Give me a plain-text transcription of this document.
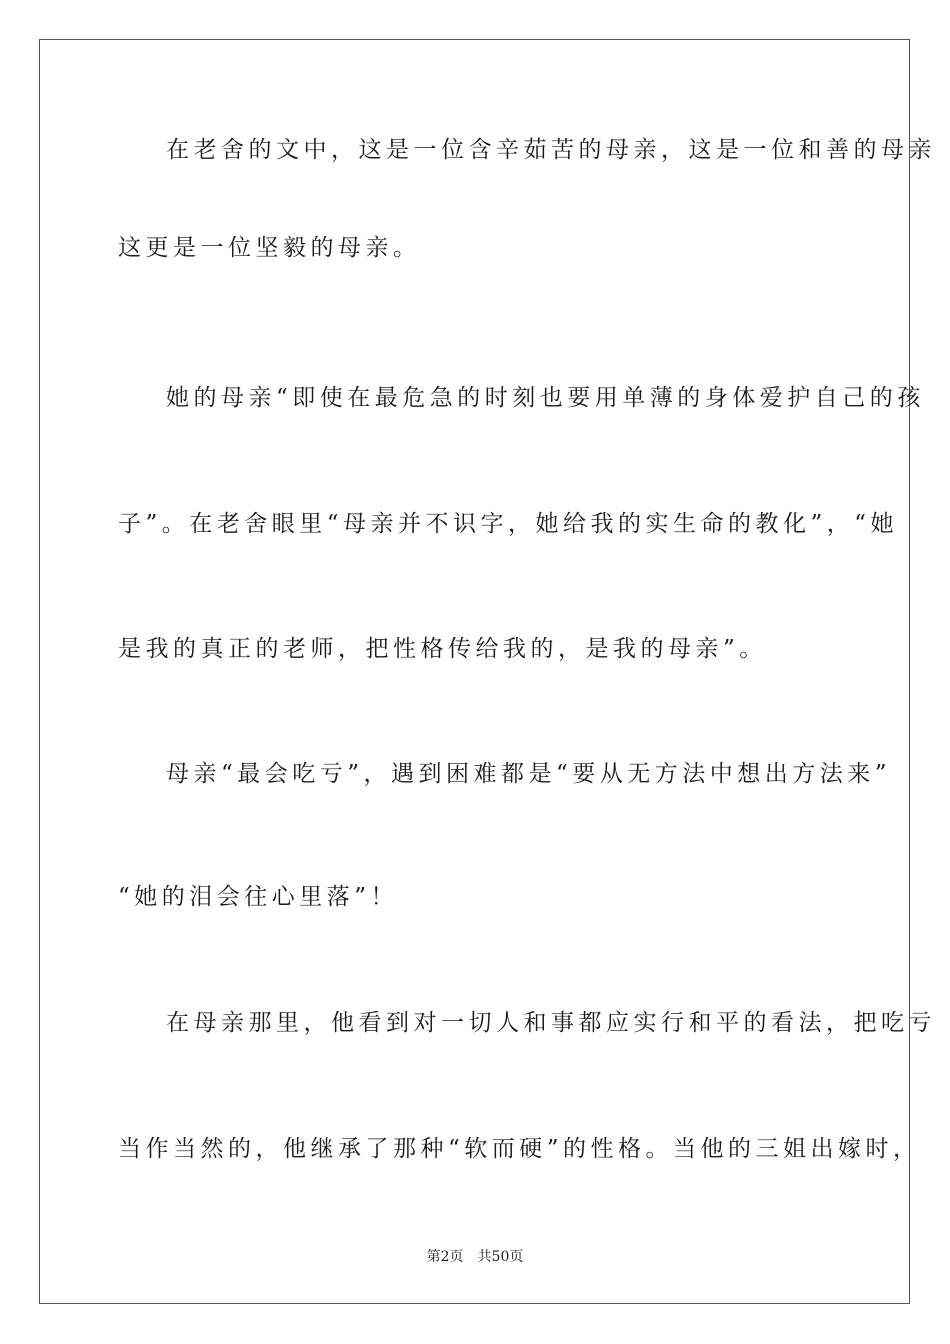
在老舍的文中，这是一位含辛茹苦的母亲，这是一位和善的母亲
这更是一位坚毅的母亲。
她的母亲“即使在最危急的时刻也要用单薄的身体爱护自己的孩
子”。在老舍眼里“母亲并不识字，她给我的实生命的教化”，“她
是我的真正的老师，把性格传给我的，是我的母亲”。
母亲“最会吃亏”，遇到困难都是“要从无方法中想出方法来”
“她的泪会往心里落”！
在母亲那里，他看到对一切人和事都应实行和平的看法，把吃亏
当作当然的，他继承了那种“软而硬”的性格。当他的三姐出嫁时，
第2页 共50页
